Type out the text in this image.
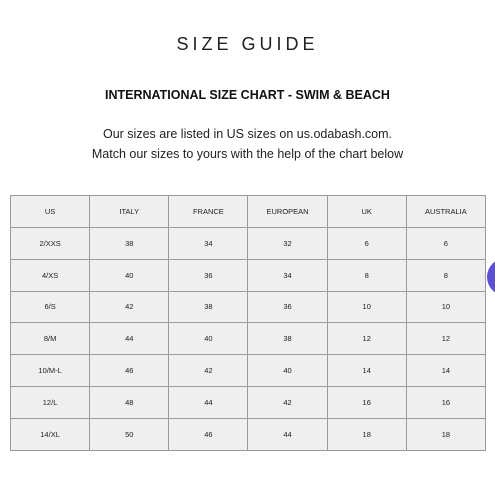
SIZE GUIDE
INTERNATIONAL SIZE CHART - SWIM & BEACH
Our sizes are listed in US sizes on us.odabash.com.
Match our sizes to yours with the help of the chart below
US	ITALY	FRANCE	EUROPEAN	UK	AUSTRALIA
2/XXS	38	34	32	6	6
4/XS	40	36	34	8	8
6/S	42	38	36	10	10
8/M	44	40	38	12	12
10/M-L	46	42	40	14	14
12/L	48	44	42	16	16
14/XL	50	46	44	18	18
